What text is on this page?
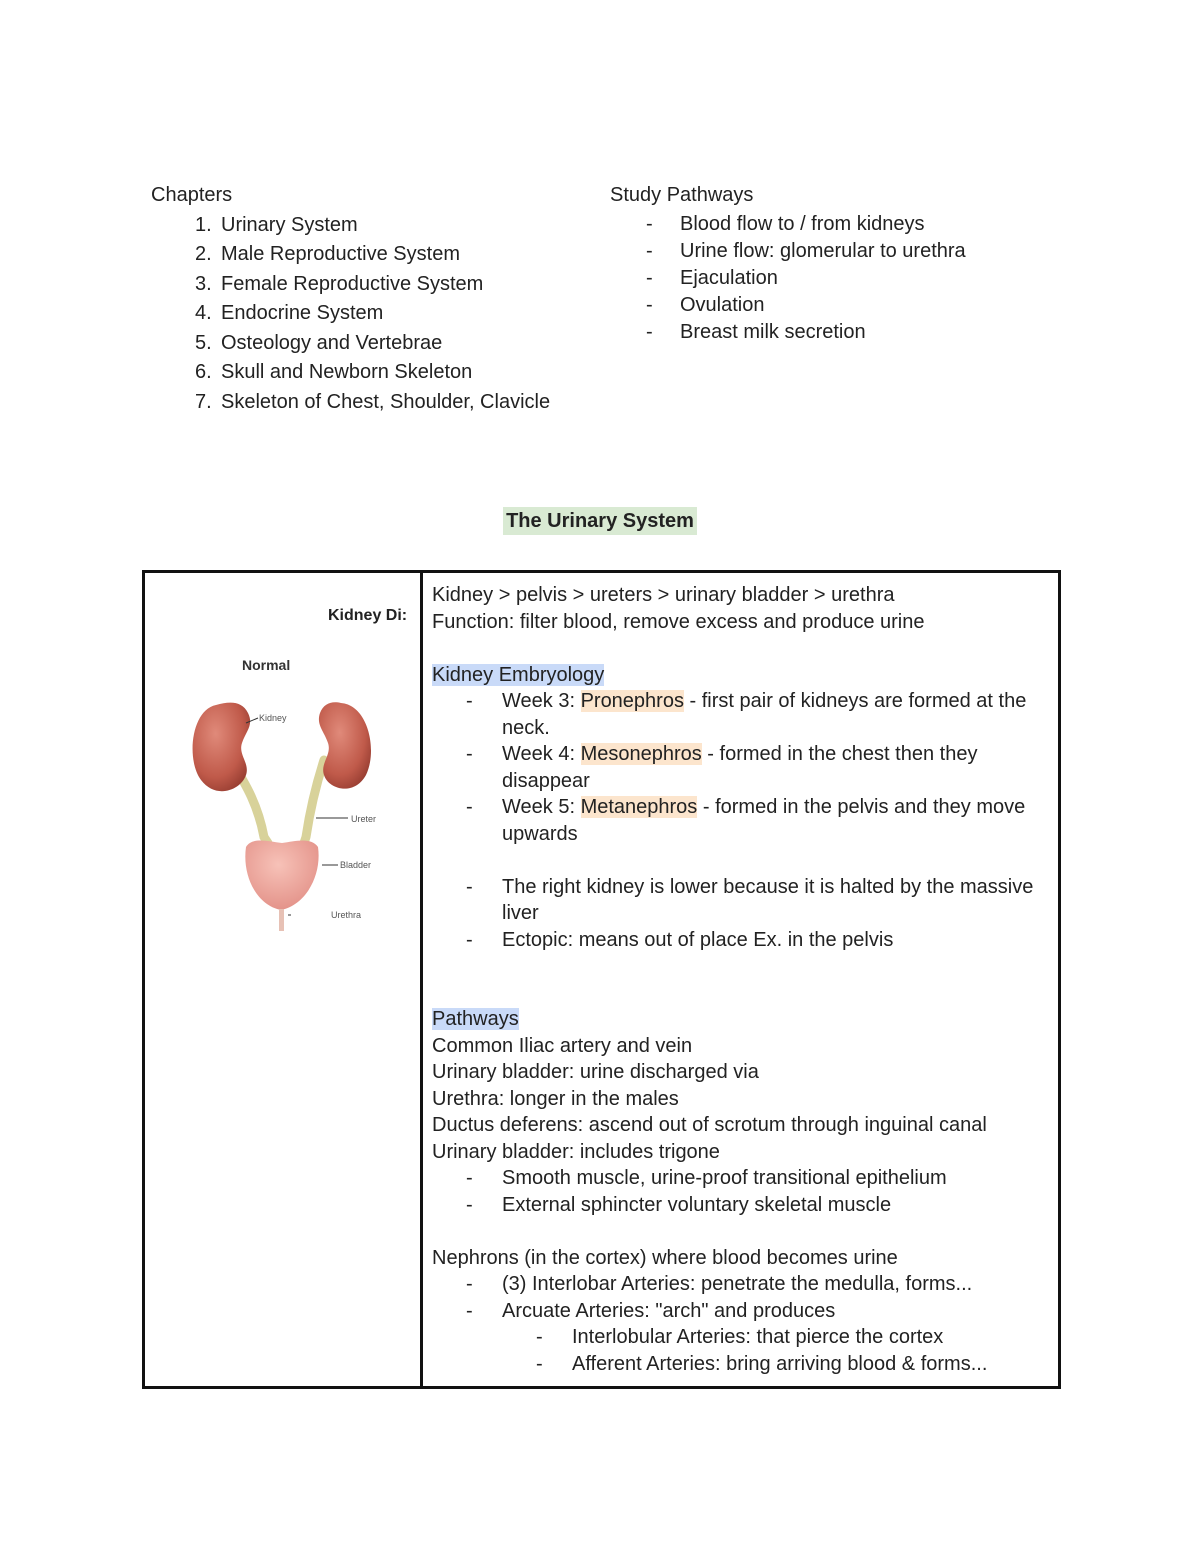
Chapters

1. Urinary System
2. Male Reproductive System
3. Female Reproductive System
4. Endocrine System
5. Osteology and Vertebrae
6. Skull and Newborn Skeleton
7. Skeleton of Chest, Shoulder, Clavicle

Study Pathways

-	Blood flow to / from kidneys
-	Urine flow: glomerular to urethra
-	Ejaculation
-	Ovulation
-	Breast milk secretion
The Urinary System
Kidney Di:
Normal
Kidney
Ureter
Bladder
Urethra

Kidney > pelvis > ureters > urinary bladder > urethra

Function: filter blood, remove excess and produce urine

Kidney Embryology

-	Week 3: Pronephros - first pair of kidneys are formed at the neck.
-	Week 4: Mesonephros - formed in the chest then they disappear
-	Week 5: Metanephros - formed in the pelvis and they move upwards
-	The right kidney is lower because it is halted by the massive liver
-	Ectopic: means out of place Ex. in the pelvis

Pathways

Common Iliac artery and vein

Urinary bladder: urine discharged via

Urethra: longer in the males

Ductus deferens: ascend out of scrotum through inguinal canal

Urinary bladder: includes trigone

-	Smooth muscle, urine-proof transitional epithelium
-	External sphincter voluntary skeletal muscle

Nephrons (in the cortex) where blood becomes urine

-	(3) Interlobar Arteries: penetrate the medulla, forms...
-	Arcuate Arteries: "arch" and produces
-	Interlobular Arteries: that pierce the cortex
-	Afferent Arteries: bring arriving blood & forms...
